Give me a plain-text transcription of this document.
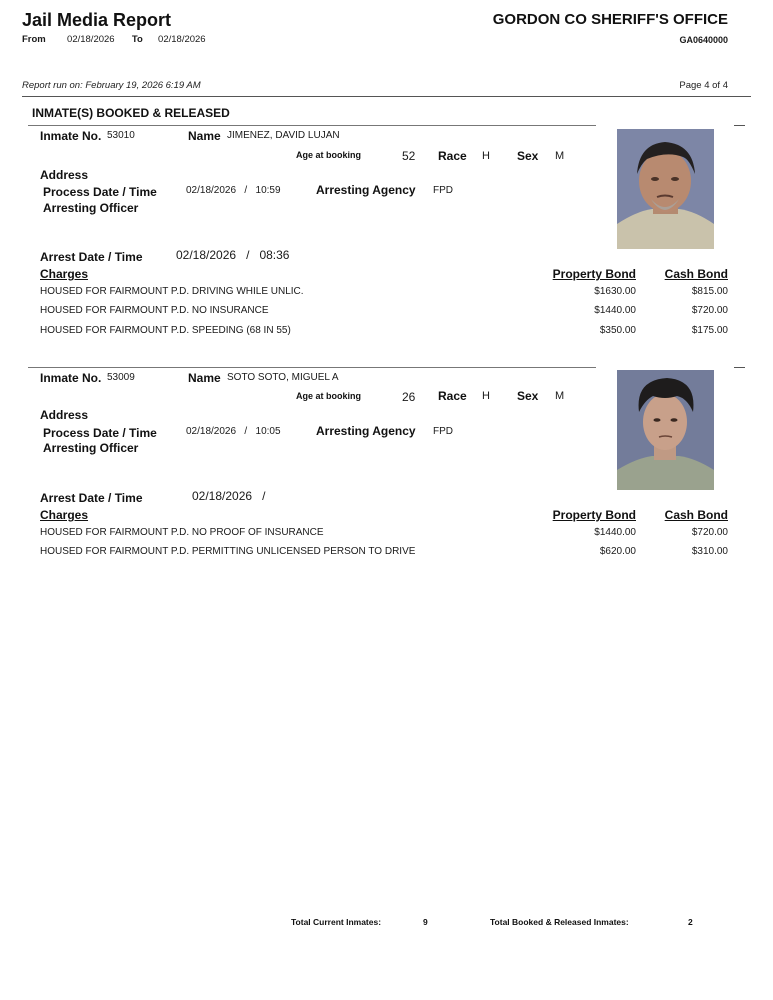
Jail Media Report
From 02/18/2026 To 02/18/2026
GORDON CO SHERIFF'S OFFICE
GA0640000
Report run on: February 19, 2026 6:19 AM	Page 4 of 4
INMATE(S) BOOKED & RELEASED
Inmate No. 53010	Name JIMENEZ, DAVID LUJAN
Age at booking	52 Race H Sex M
Address
Process Date / Time	02/18/2026 / 10:59	Arresting Agency FPD
Arresting Officer
Arrest Date / Time	02/18/2026 / 08:36
Charges	Property Bond Cash Bond
HOUSED FOR FAIRMOUNT P.D. DRIVING WHILE UNLIC.	$1630.00	$815.00
HOUSED FOR FAIRMOUNT P.D. NO INSURANCE	$1440.00	$720.00
HOUSED FOR FAIRMOUNT P.D. SPEEDING (68 IN 55)	$350.00	$175.00
Inmate No. 53009	Name SOTO SOTO, MIGUEL A
Age at booking	26 Race H Sex M
Address
Process Date / Time	02/18/2026 / 10:05	Arresting Agency FPD
Arresting Officer
Arrest Date / Time	02/18/2026 /
Charges	Property Bond Cash Bond
HOUSED FOR FAIRMOUNT P.D. NO PROOF OF INSURANCE	$1440.00	$720.00
HOUSED FOR FAIRMOUNT P.D. PERMITTING UNLICENSED PERSON TO DRIVE	$620.00	$310.00
Total Current Inmates:	9	Total Booked & Released Inmates:	2
